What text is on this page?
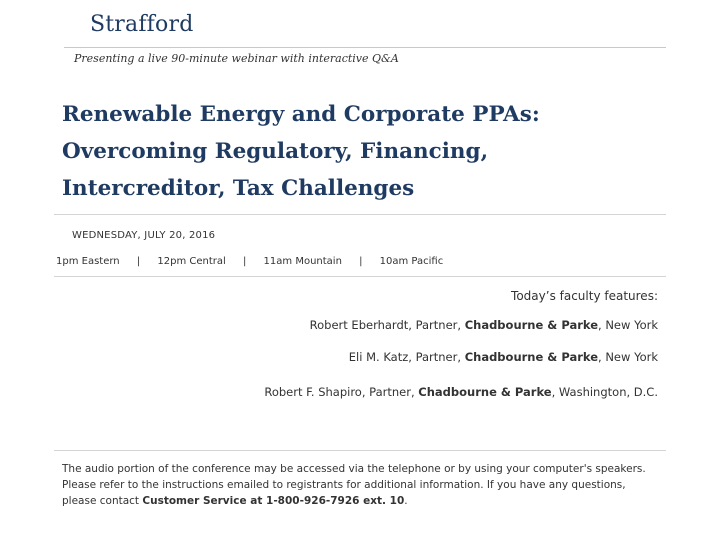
Strafford
Presenting a live 90-minute webinar with interactive Q&A
Renewable Energy and Corporate PPAs:
Overcoming Regulatory, Financing,
Intercreditor, Tax Challenges
WEDNESDAY, JULY 20, 2016
1pm Eastern | 12pm Central | 11am Mountain | 10am Pacific
Today’s faculty features:
Robert Eberhardt, Partner, Chadbourne & Parke, New York
Eli M. Katz, Partner, Chadbourne & Parke, New York
Robert F. Shapiro, Partner, Chadbourne & Parke, Washington, D.C.
The audio portion of the conference may be accessed via the telephone or by using your computer's speakers. Please refer to the instructions emailed to registrants for additional information. If you have any questions, please contact Customer Service at 1-800-926-7926 ext. 10.
